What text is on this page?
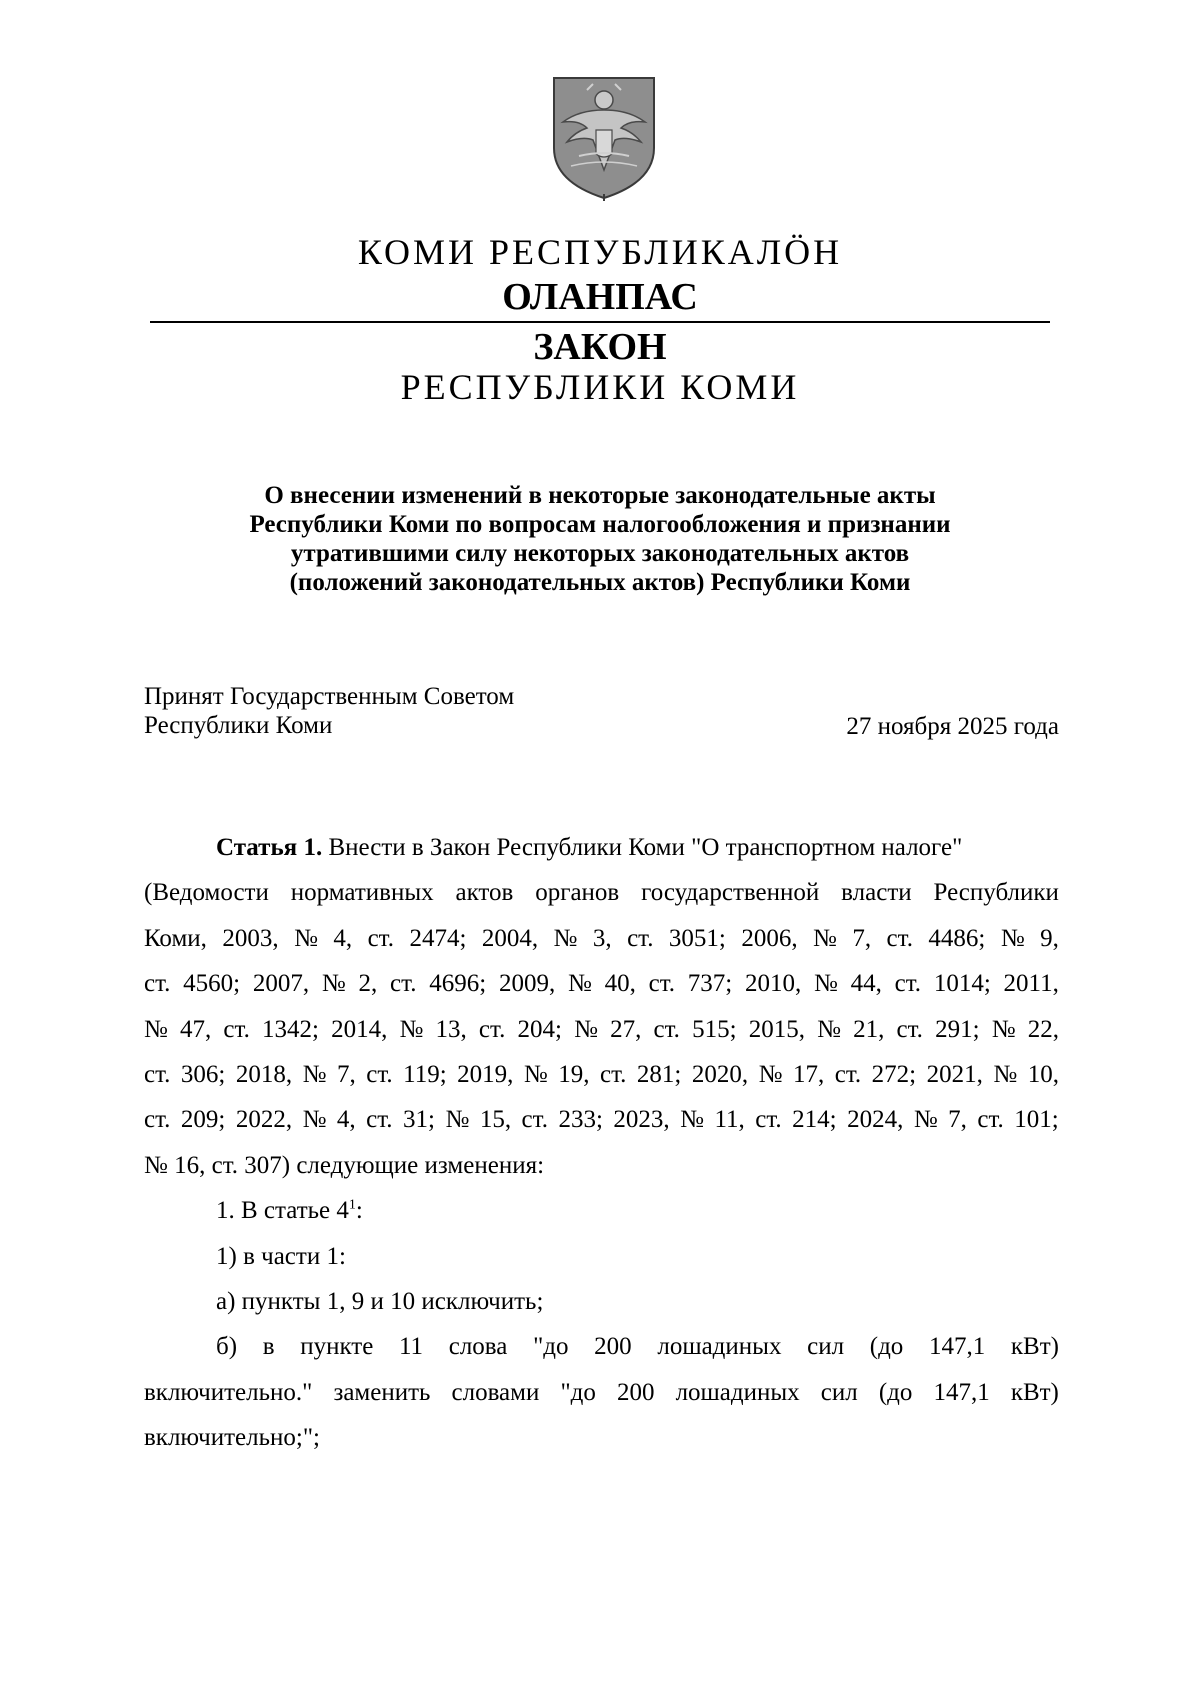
КОМИ РЕСПУБЛИКАЛӦН
ОЛАНПАС
ЗАКОН
РЕСПУБЛИКИ КОМИ
О внесении изменений в некоторые законодательные акты
Республики Коми по вопросам налогообложения и признании
утратившими силу некоторых законодательных актов
(положений законодательных актов) Республики Коми
Принят Государственным Советом
Республики Коми	27 ноября 2025 года
Статья 1. Внести в Закон Республики Коми "О транспортном налоге"
(Ведомости нормативных актов органов государственной власти Республики
Коми, 2003, № 4, ст. 2474; 2004, № 3, ст. 3051; 2006, № 7, ст. 4486; № 9,
ст. 4560; 2007, № 2, ст. 4696; 2009, № 40, ст. 737; 2010, № 44, ст. 1014; 2011,
№ 47, ст. 1342; 2014, № 13, ст. 204; № 27, ст. 515; 2015, № 21, ст. 291; № 22,
ст. 306; 2018, № 7, ст. 119; 2019, № 19, ст. 281; 2020, № 17, ст. 272; 2021, № 10,
ст. 209; 2022, № 4, ст. 31; № 15, ст. 233; 2023, № 11, ст. 214; 2024, № 7, ст. 101;
№ 16, ст. 307) следующие изменения:
1. В статье $4^1$:
1) в части 1:
а) пункты 1, 9 и 10 исключить;
б) в пункте 11 слова "до 200 лошадиных сил (до 147,1 кВт)
включительно." заменить словами "до 200 лошадиных сил (до 147,1 кВт)
включительно;";
